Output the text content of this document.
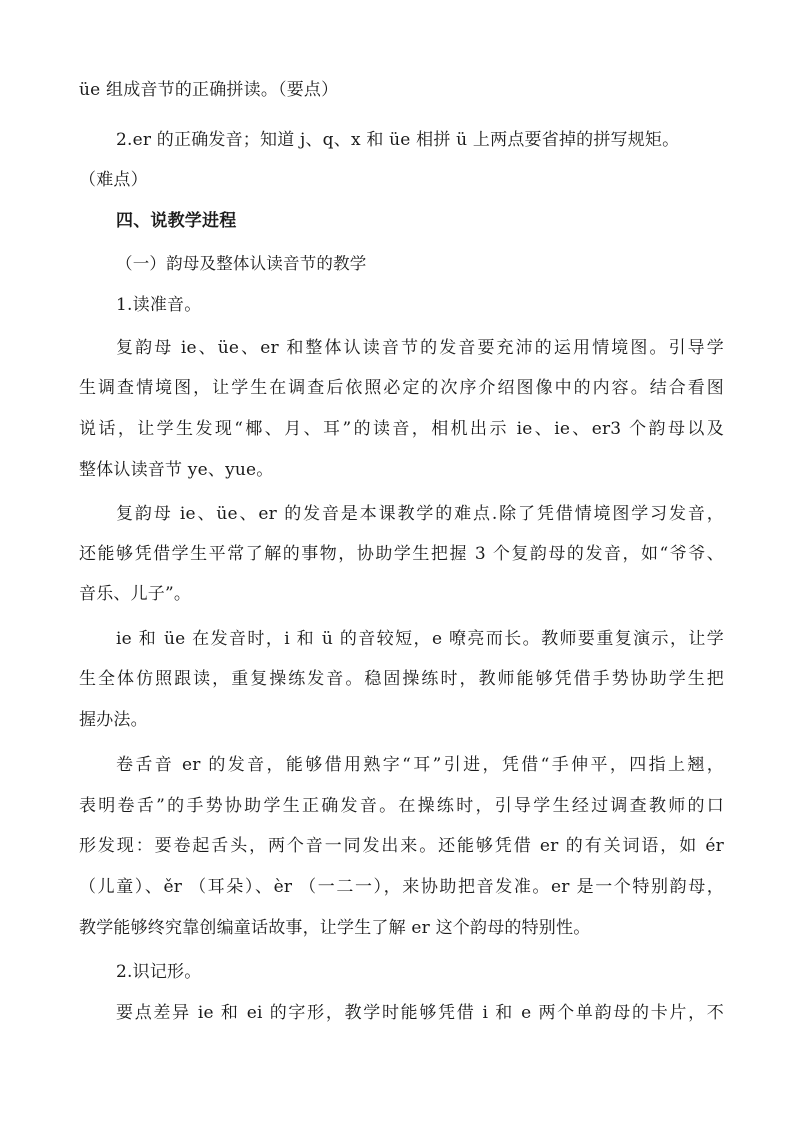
üe 组成音节的正确拼读。（要点）
2.er 的正确发音；知道 j、q、x 和 üe 相拼 ü 上两点要省掉的拼写规矩。
（难点）
四、说教学进程
（一）韵母及整体认读音节的教学
1.读准音。
复韵母 ie、üe、er 和整体认读音节的发音要充沛的运用情境图。引导学
生调查情境图，让学生在调查后依照必定的次序介绍图像中的内容。结合看图
说话，让学生发现“椰、月、耳”的读音，相机出示 ie、ie、er3 个韵母以及
整体认读音节 ye、yue。
复韵母 ie、üe、er 的发音是本课教学的难点.除了凭借情境图学习发音，
还能够凭借学生平常了解的事物，协助学生把握 3 个复韵母的发音，如“爷爷、
音乐、儿子”。
ie 和 üe 在发音时，i 和 ü 的音较短，e 嘹亮而长。教师要重复演示，让学
生全体仿照跟读，重复操练发音。稳固操练时，教师能够凭借手势协助学生把
握办法。
卷舌音 er 的发音，能够借用熟字“耳”引进，凭借“手伸平，四指上翘，
表明卷舌”的手势协助学生正确发音。在操练时，引导学生经过调查教师的口
形发现：要卷起舌头，两个音一同发出来。还能够凭借 er 的有关词语，如 ér
（儿童）、ěr （耳朵）、èr （一二一），来协助把音发准。er 是一个特别韵母，
教学能够终究靠创编童话故事，让学生了解 er 这个韵母的特别性。
2.识记形。
要点差异 ie 和 ei 的字形，教学时能够凭借 i 和 e 两个单韵母的卡片，不
